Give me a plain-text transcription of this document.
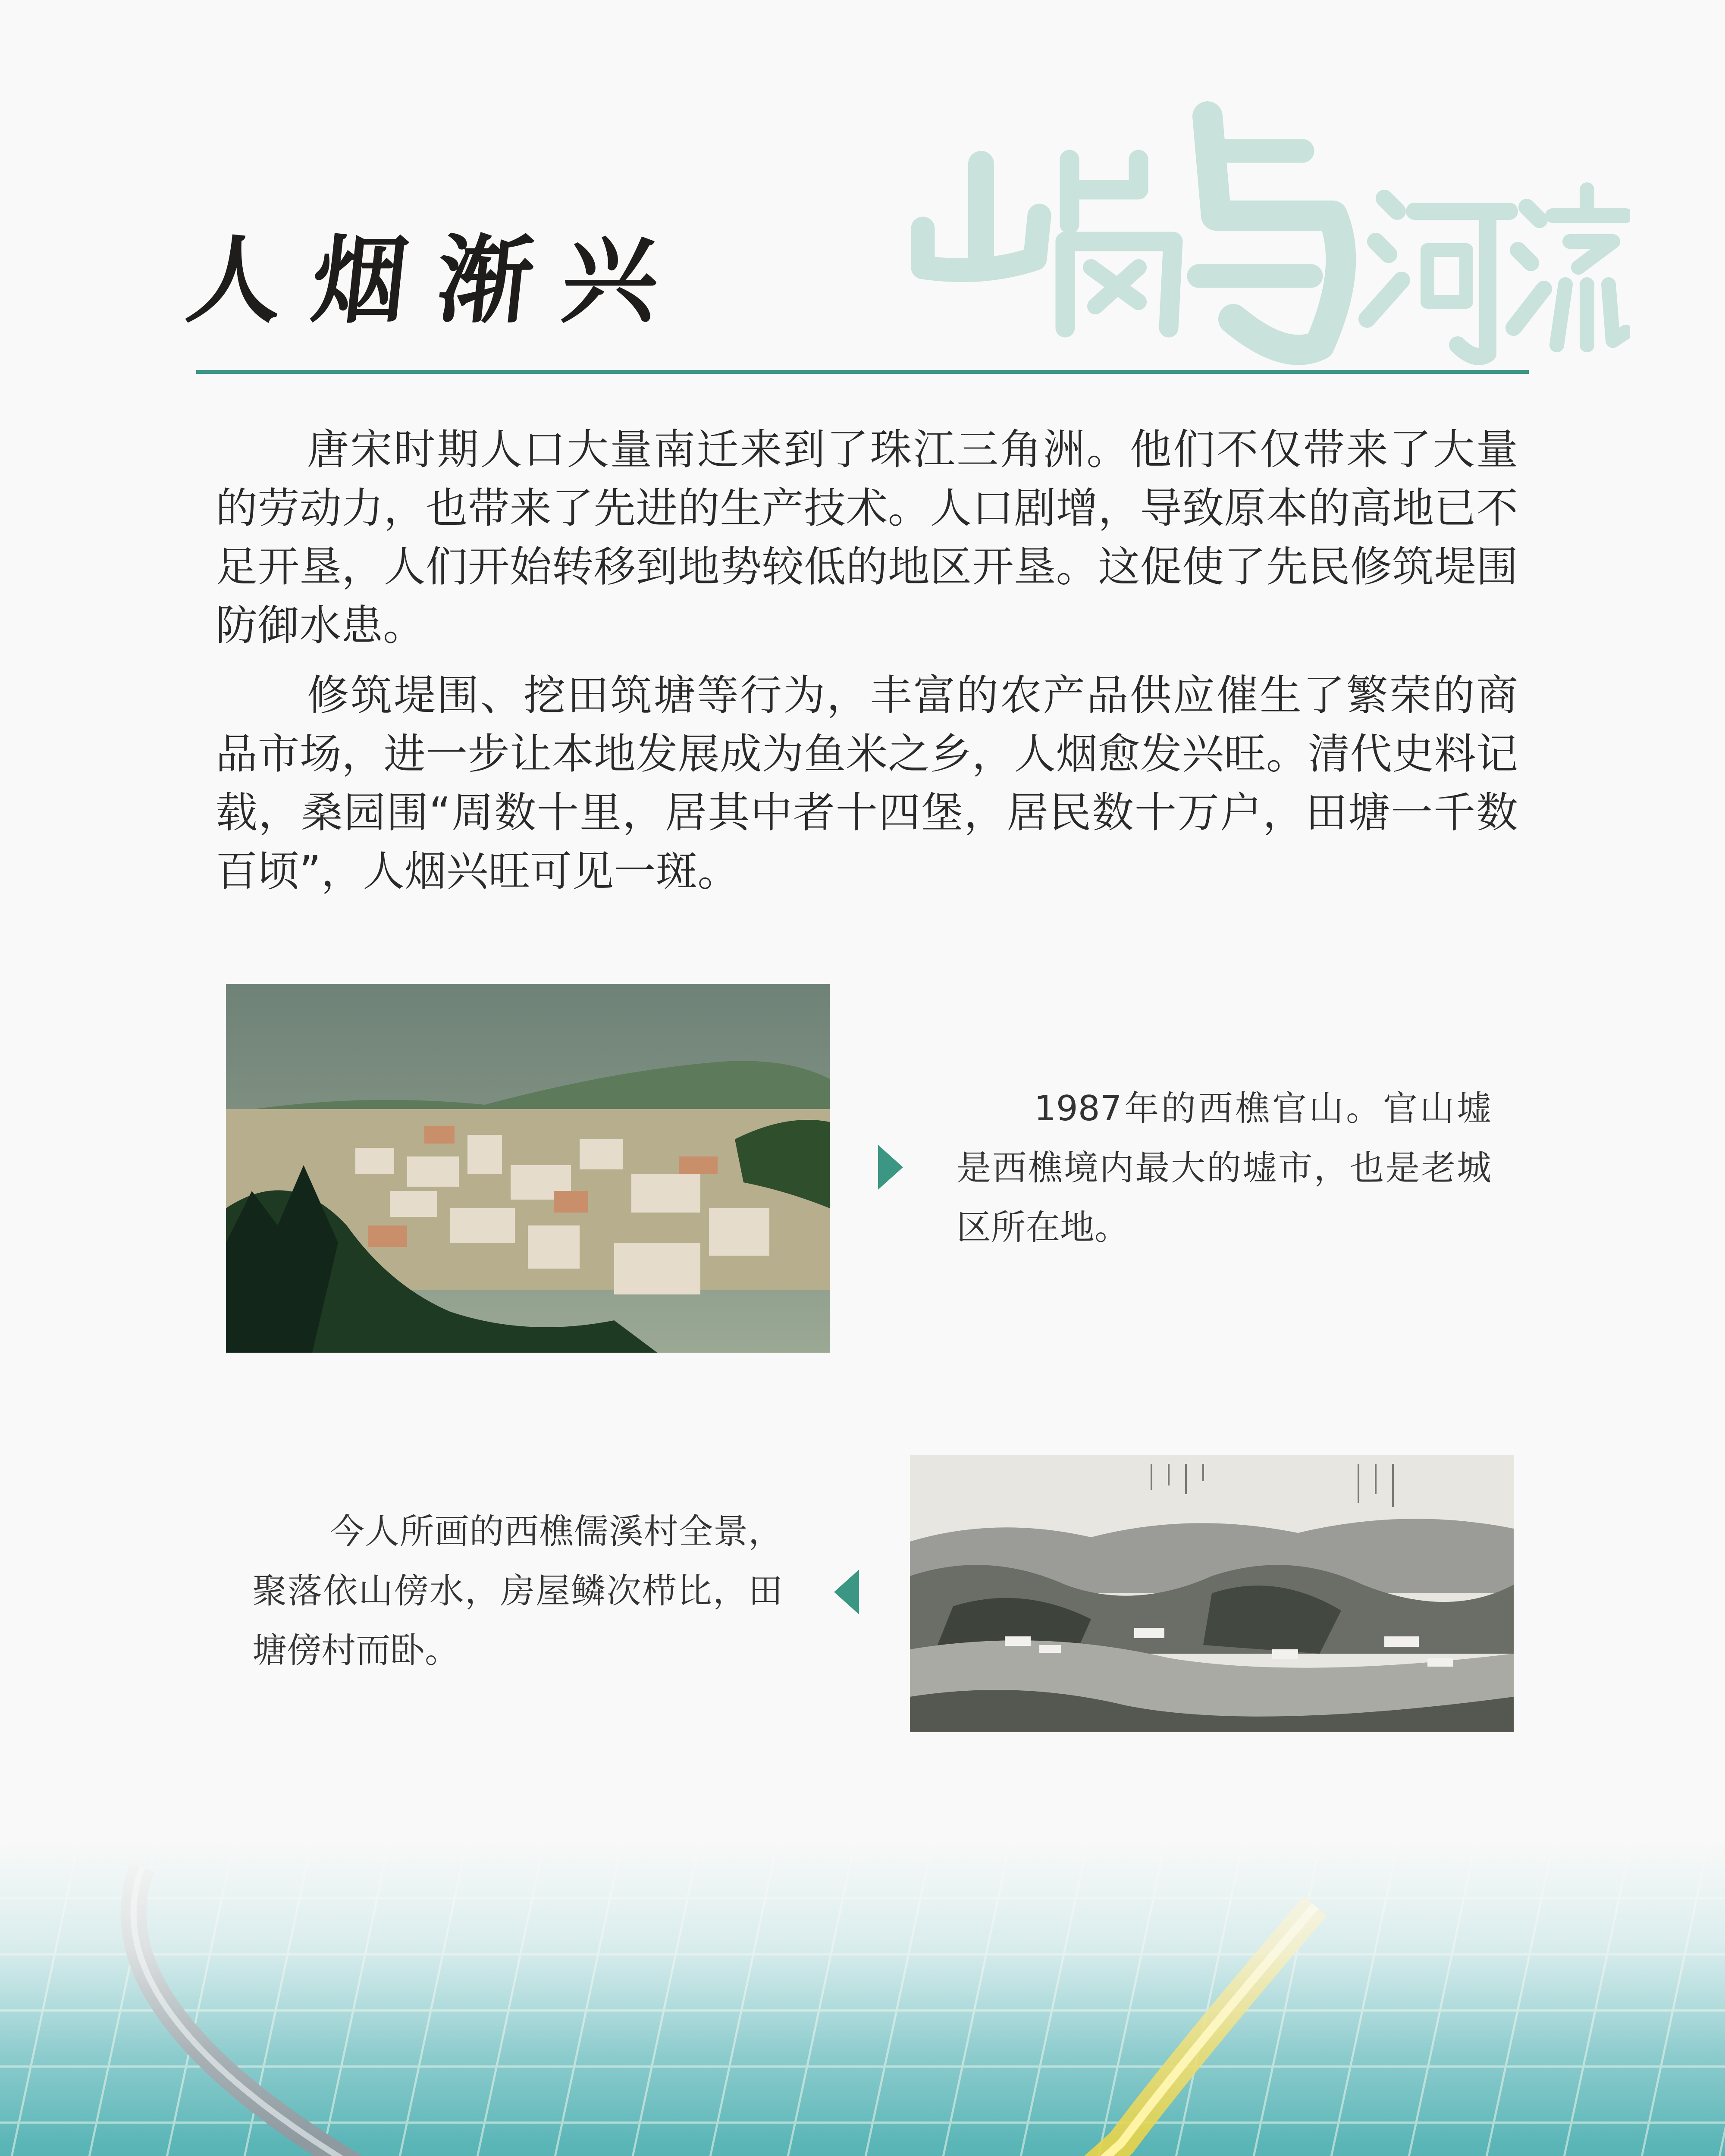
人烟渐兴

唐宋时期人口大量南迁来到了珠江三角洲。他们不仅带来了大量的劳动力，也带来了先进的生产技术。人口剧增，导致原本的高地已不足开垦，人们开始转移到地势较低的地区开垦。这促使了先民修筑堤围防御水患。

修筑堤围、挖田筑塘等行为，丰富的农产品供应催生了繁荣的商品市场，进一步让本地发展成为鱼米之乡，人烟愈发兴旺。清代史料记载，桑园围“周数十里，居其中者十四堡，居民数十万户，田塘一千数百顷”，人烟兴旺可见一斑。

1987年的西樵官山。官山墟是西樵境内最大的墟市，也是老城区所在地。

今人所画的西樵儒溪村全景，聚落依山傍水，房屋鳞次栉比，田塘傍村而卧。
